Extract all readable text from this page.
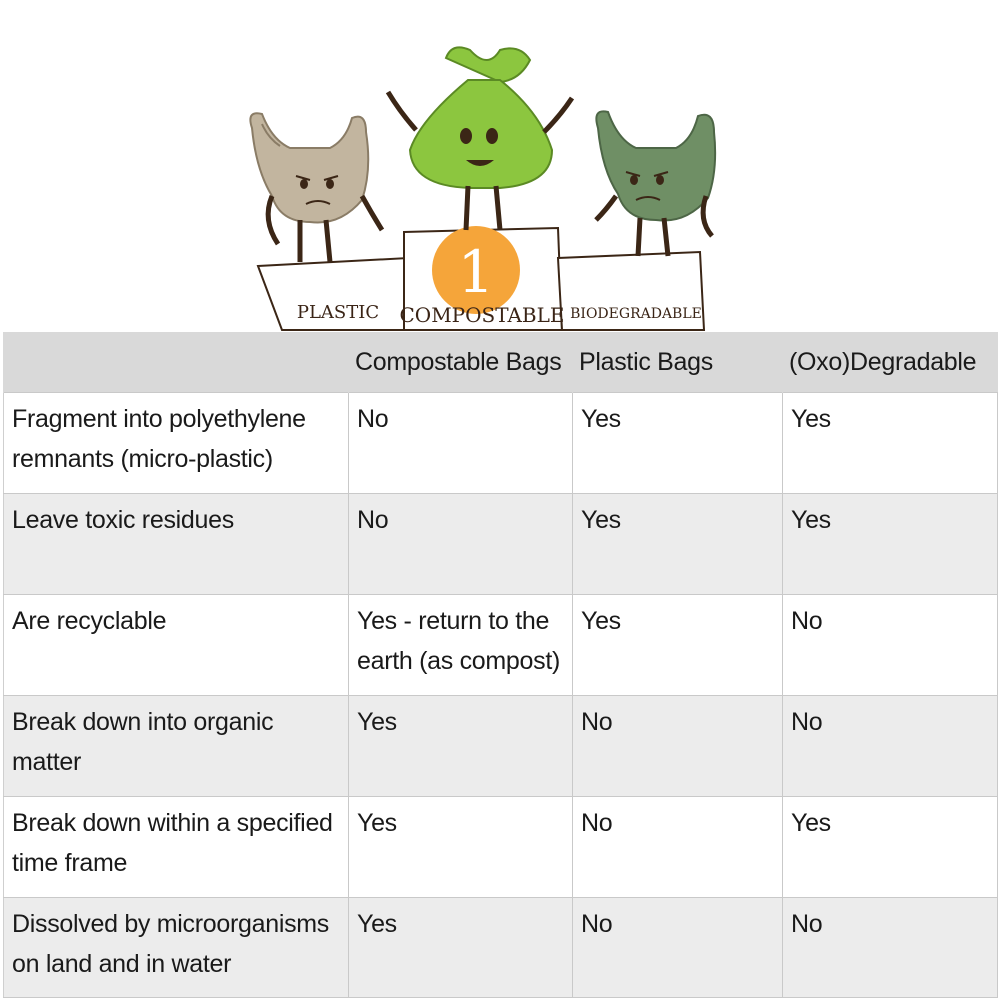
1
PLASTIC COMPOSTABLE BIODEGRADABLE
	Compostable Bags	Plastic Bags	(Oxo)Degradable

Fragment into polyethylene remnants (micro-plastic)	No	Yes	Yes

Leave toxic residues	No	Yes	Yes

Are recyclable	Yes - return to the earth (as compost)	Yes	No

Break down into organic matter	Yes	No	No

Break down within a specified time frame	Yes	No	Yes

Dissolved by microorganisms on land and in water	Yes	No	No
